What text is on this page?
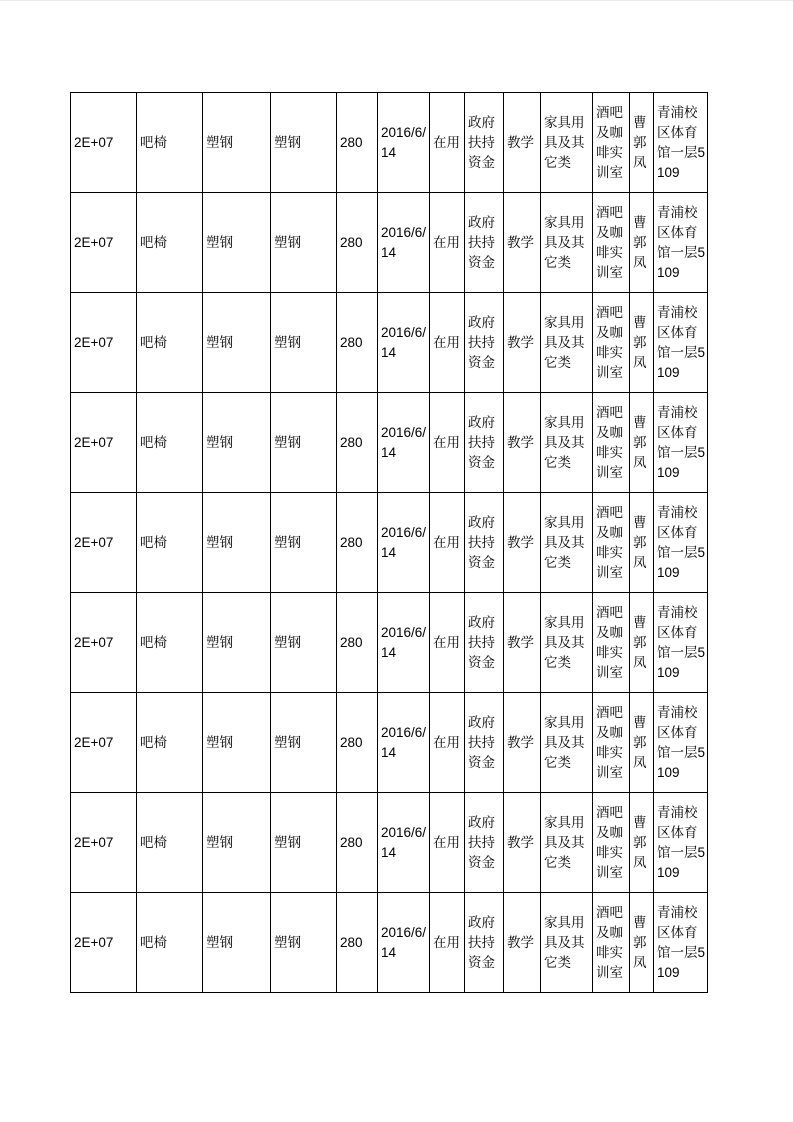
2E+07	吧椅	塑钢	塑钢	280	2016/6/14	在用	政府扶持资金	教学	家具用具及其它类	酒吧及咖啡实训室	曹郭凤	青浦校区体育馆一层5109
2E+07	吧椅	塑钢	塑钢	280	2016/6/14	在用	政府扶持资金	教学	家具用具及其它类	酒吧及咖啡实训室	曹郭凤	青浦校区体育馆一层5109
2E+07	吧椅	塑钢	塑钢	280	2016/6/14	在用	政府扶持资金	教学	家具用具及其它类	酒吧及咖啡实训室	曹郭凤	青浦校区体育馆一层5109
2E+07	吧椅	塑钢	塑钢	280	2016/6/14	在用	政府扶持资金	教学	家具用具及其它类	酒吧及咖啡实训室	曹郭凤	青浦校区体育馆一层5109
2E+07	吧椅	塑钢	塑钢	280	2016/6/14	在用	政府扶持资金	教学	家具用具及其它类	酒吧及咖啡实训室	曹郭凤	青浦校区体育馆一层5109
2E+07	吧椅	塑钢	塑钢	280	2016/6/14	在用	政府扶持资金	教学	家具用具及其它类	酒吧及咖啡实训室	曹郭凤	青浦校区体育馆一层5109
2E+07	吧椅	塑钢	塑钢	280	2016/6/14	在用	政府扶持资金	教学	家具用具及其它类	酒吧及咖啡实训室	曹郭凤	青浦校区体育馆一层5109
2E+07	吧椅	塑钢	塑钢	280	2016/6/14	在用	政府扶持资金	教学	家具用具及其它类	酒吧及咖啡实训室	曹郭凤	青浦校区体育馆一层5109
2E+07	吧椅	塑钢	塑钢	280	2016/6/14	在用	政府扶持资金	教学	家具用具及其它类	酒吧及咖啡实训室	曹郭凤	青浦校区体育馆一层5109
